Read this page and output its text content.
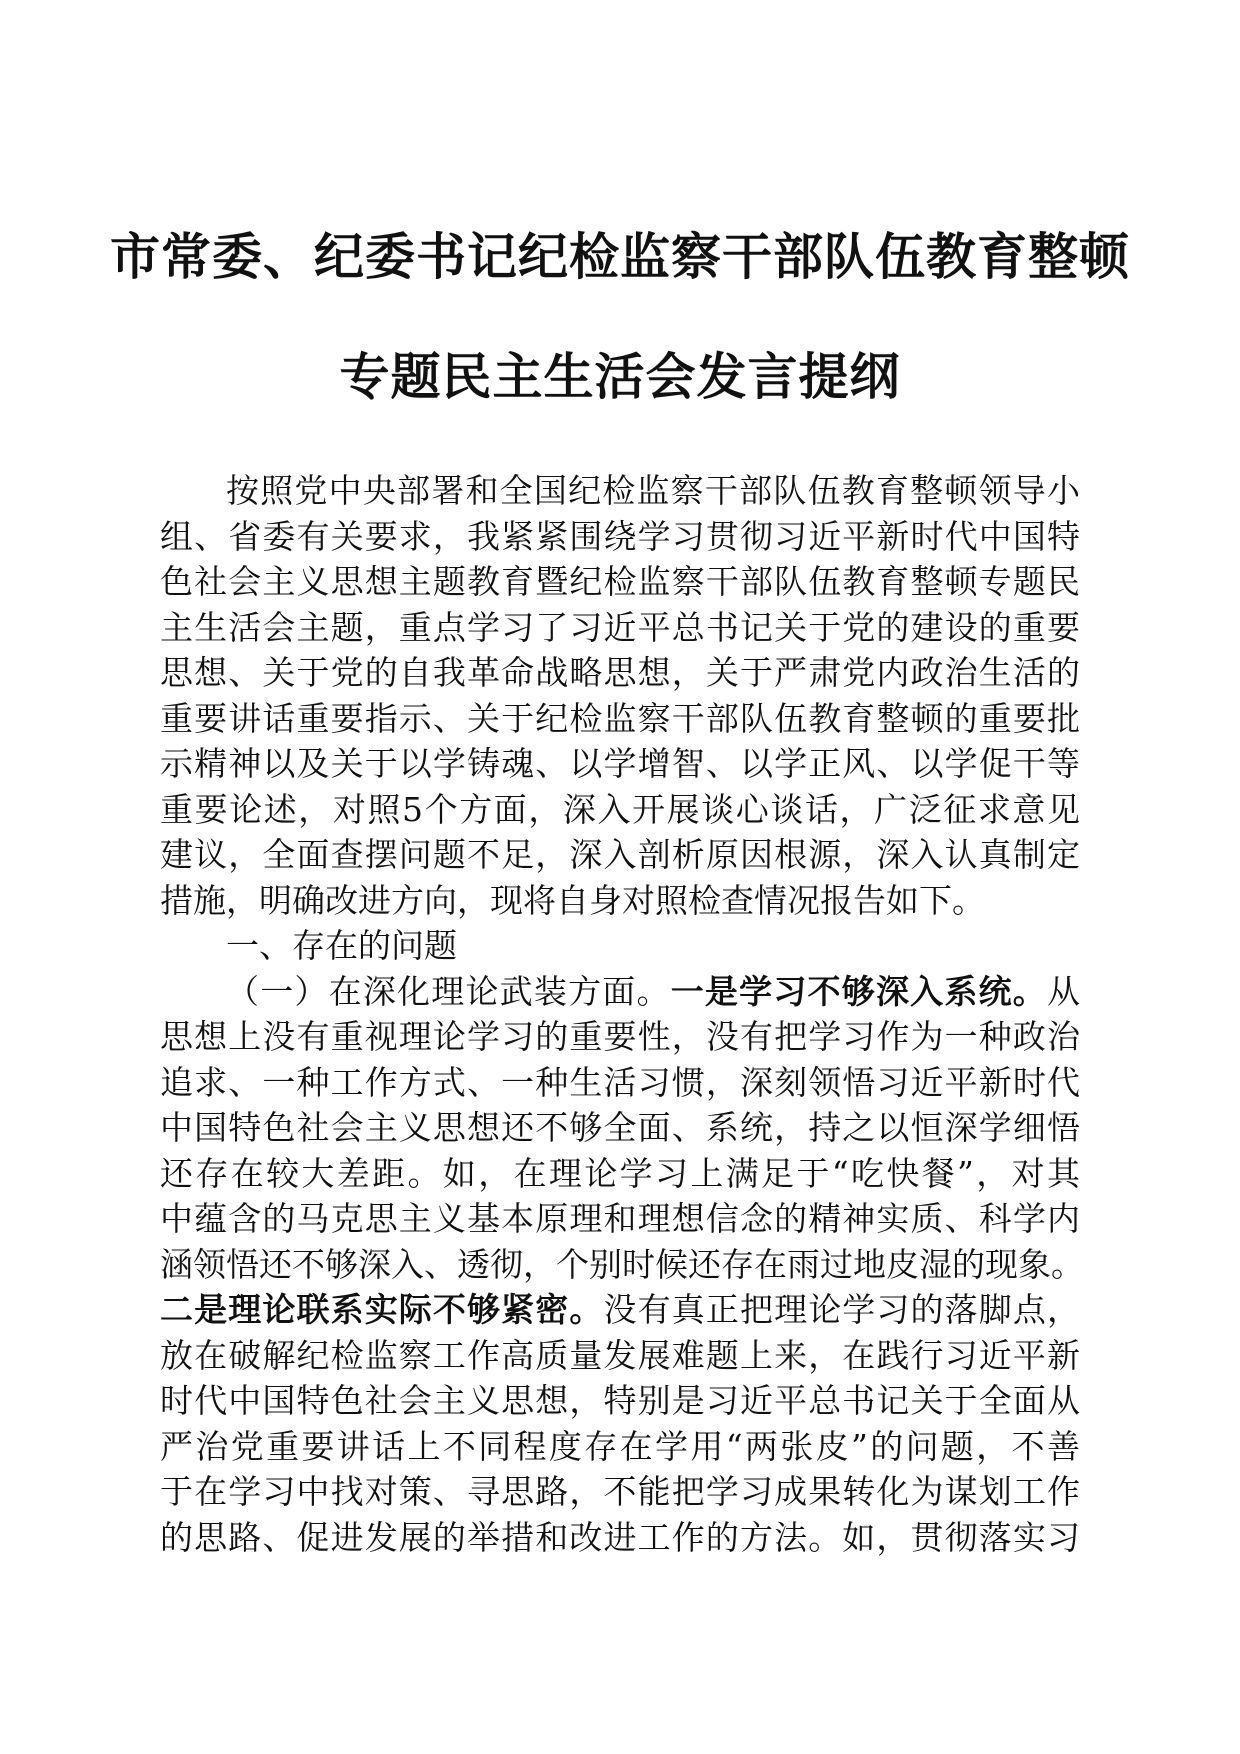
市常委、纪委书记纪检监察干部队伍教育整顿
专题民主生活会发言提纲
按照党中央部署和全国纪检监察干部队伍教育整顿领导小
组、省委有关要求，我紧紧围绕学习贯彻习近平新时代中国特
色社会主义思想主题教育暨纪检监察干部队伍教育整顿专题民
主生活会主题，重点学习了习近平总书记关于党的建设的重要
思想、关于党的自我革命战略思想，关于严肃党内政治生活的
重要讲话重要指示、关于纪检监察干部队伍教育整顿的重要批
示精神以及关于以学铸魂、以学增智、以学正风、以学促干等
重要论述，对照5个方面，深入开展谈心谈话，广泛征求意见
建议，全面查摆问题不足，深入剖析原因根源，深入认真制定
措施，明确改进方向，现将自身对照检查情况报告如下。
一、存在的问题
（一）在深化理论武装方面。一是学习不够深入系统。从
思想上没有重视理论学习的重要性，没有把学习作为一种政治
追求、一种工作方式、一种生活习惯，深刻领悟习近平新时代
中国特色社会主义思想还不够全面、系统，持之以恒深学细悟
还存在较大差距。如，在理论学习上满足于“吃快餐”，对其
中蕴含的马克思主义基本原理和理想信念的精神实质、科学内
涵领悟还不够深入、透彻，个别时候还存在雨过地皮湿的现象。
二是理论联系实际不够紧密。没有真正把理论学习的落脚点，
放在破解纪检监察工作高质量发展难题上来，在践行习近平新
时代中国特色社会主义思想，特别是习近平总书记关于全面从
严治党重要讲话上不同程度存在学用“两张皮”的问题，不善
于在学习中找对策、寻思路，不能把学习成果转化为谋划工作
的思路、促进发展的举措和改进工作的方法。如，贯彻落实习
